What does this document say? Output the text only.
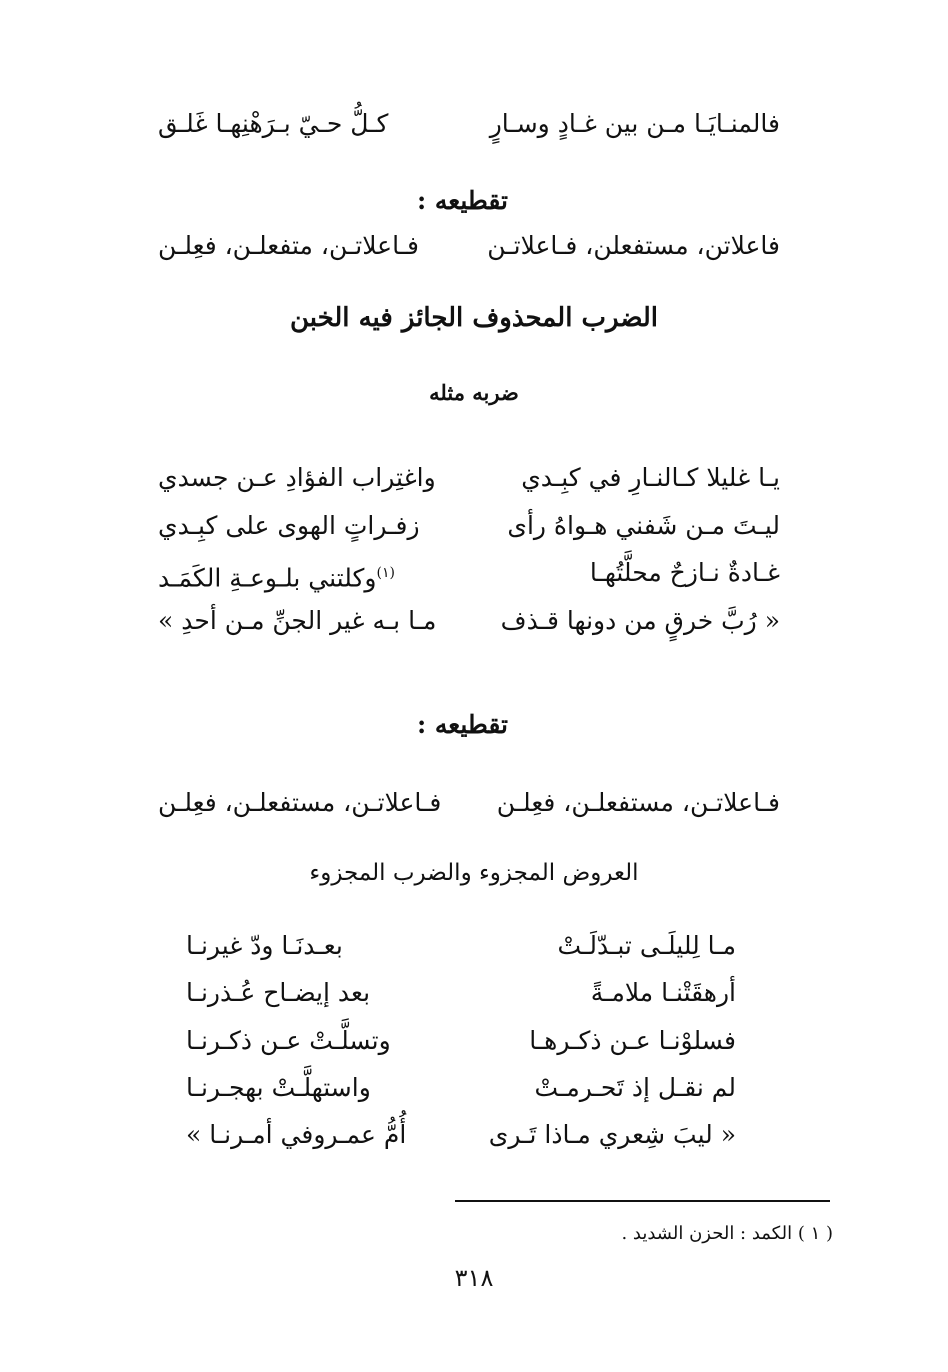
فالمنـايَـا مـن بين غـادٍ وسـارٍ
كـلُّ حـيّ بـرَهْنِهـا غَلـق
تقطيعه :
فاعلاتن، مستفعلن، فـاعلاتـن
فـاعلاتـن، متفعلـن، فعِلـن
الضرب المحذوف الجائز فيه الخبن
ضربه مثله
يـا غليلا كـالنـارِ في كبِـدي
واغتِراب الفؤادِ عـن جسدي
ليـتَ مـن شَفني هـواهُ رأى
زفـراتٍ الهوى على كبِـدي
غـادةٌ نـازحٌ محلَّتُهـا
$^{(١)}$وكلتني بلـوعـةِ الكَمَـد
« رُبَّ خرقٍ من دونها قـذف
مـا بـه غير الجنِّ مـن أحدِ »
تقطيعه :
فـاعلاتـن، مستفعلـن، فعِلـن
فـاعلاتـن، مستفعلـن، فعِلـن
العروض المجزوء والضرب المجزوء
مـا لِليلَـى تبـدّلَـتْ
بعـدنَـا ودّ غيرنـا
أرهقَتْنـا ملامـةً
بعد إيضـاح عُـذرنـا
فسلوْنـا عـن ذكـرهـا
وتسلَّـتْ عـن ذكـرنـا
لم نقـل إذ تَحـرمـتْ
واستهلَّـتْ بهجـرنـا
« ليبَ شِعري مـاذا تَـرى
أُمُّ عمـروفي أمـرنـا »
( ١ ) الكمد : الحزن الشديد .
٣١٨
